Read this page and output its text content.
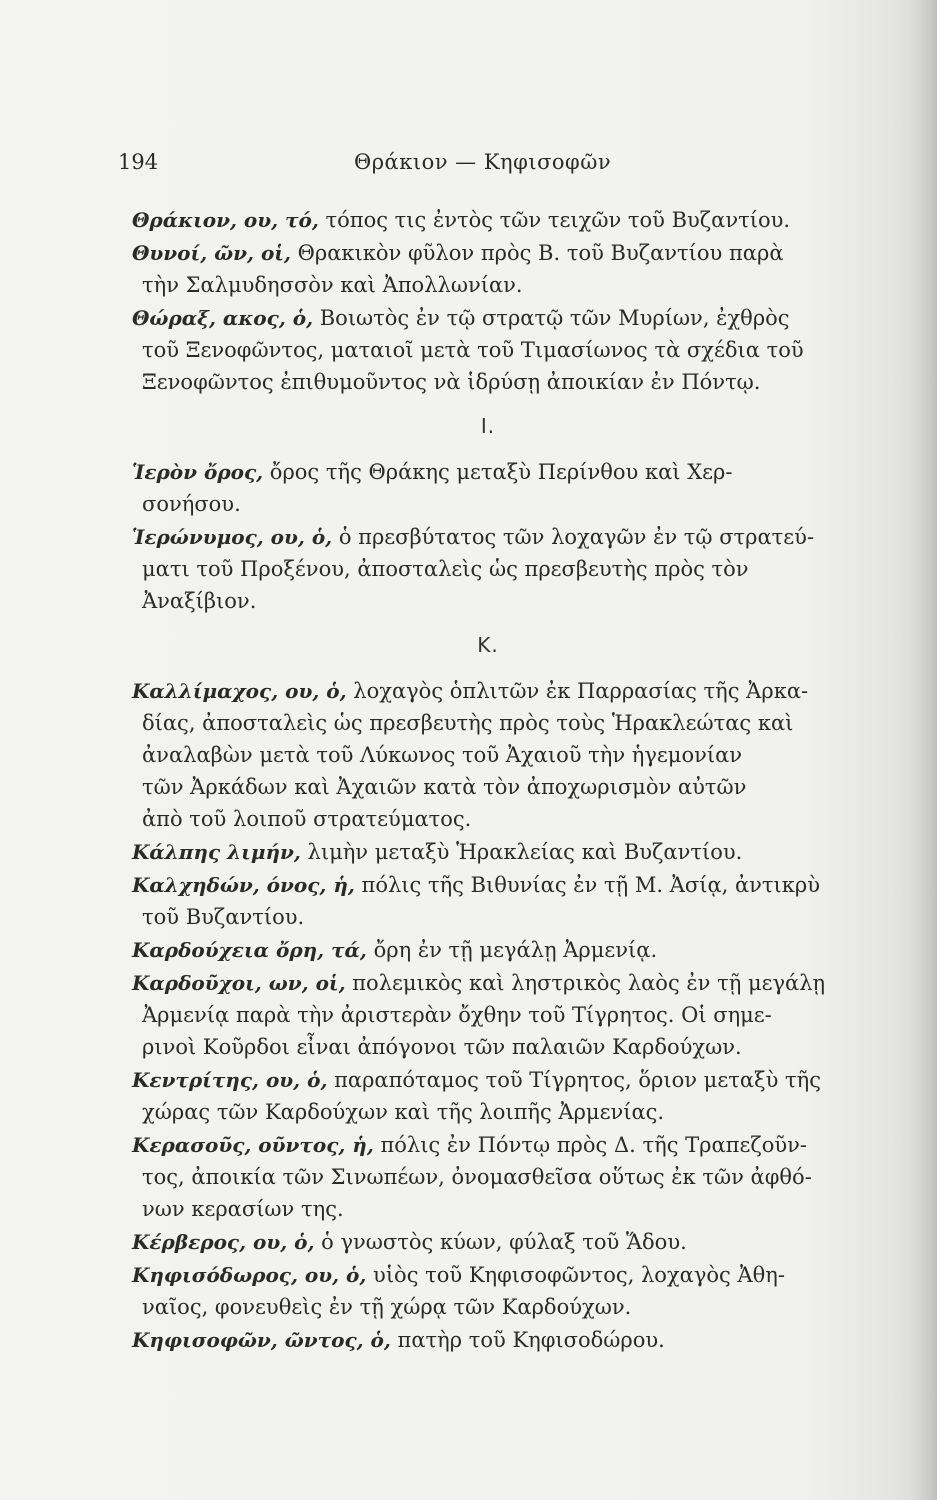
194	Θράκιον — Κηφισοφῶν

Θράκιον, ου, τό, τόπος τις ἐντὸς τῶν τειχῶν τοῦ Βυζαντίου.

Θυνοί, ῶν, οἱ, Θρακικὸν φῦλον πρὸς Β. τοῦ Βυζαντίου παρὰ
τὴν Σαλμυδησσὸν καὶ Ἀπολλωνίαν.

Θώραξ, ακος, ὁ, Βοιωτὸς ἐν τῷ στρατῷ τῶν Μυρίων, ἐχθρὸς
τοῦ Ξενοφῶντος, ματαιοῖ μετὰ τοῦ Τιμασίωνος τὰ σχέδια τοῦ
Ξενοφῶντος ἐπιθυμοῦντος νὰ ἱδρύσῃ ἀποικίαν ἐν Πόντῳ.

Ι.

Ἱερὸν ὄρος, ὄρος τῆς Θράκης μεταξὺ Περίνθου καὶ Χερ-
σονήσου.

Ἱερώνυμος, ου, ὁ, ὁ πρεσβύτατος τῶν λοχαγῶν ἐν τῷ στρατεύ-
ματι τοῦ Προξένου, ἀποσταλεὶς ὡς πρεσβευτὴς πρὸς τὸν
Ἀναξίβιον.

Κ.

Καλλίμαχος, ου, ὁ, λοχαγὸς ὁπλιτῶν ἐκ Παρρασίας τῆς Ἀρκα-
δίας, ἀποσταλεὶς ὡς πρεσβευτὴς πρὸς τοὺς Ἡρακλεώτας καὶ
ἀναλαβὼν μετὰ τοῦ Λύκωνος τοῦ Ἀχαιοῦ τὴν ἡγεμονίαν
τῶν Ἀρκάδων καὶ Ἀχαιῶν κατὰ τὸν ἀποχωρισμὸν αὐτῶν
ἀπὸ τοῦ λοιποῦ στρατεύματος.

Κάλπης λιμήν, λιμὴν μεταξὺ Ἡρακλείας καὶ Βυζαντίου.

Καλχηδών, όνος, ἡ, πόλις τῆς Βιθυνίας ἐν τῇ Μ. Ἀσίᾳ, ἀντικρὺ
τοῦ Βυζαντίου.

Καρδούχεια ὄρη, τά, ὄρη ἐν τῇ μεγάλῃ Ἀρμενίᾳ.

Καρδοῦχοι, ων, οἱ, πολεμικὸς καὶ ληστρικὸς λαὸς ἐν τῇ μεγάλῃ
Ἀρμενίᾳ παρὰ τὴν ἀριστερὰν ὄχθην τοῦ Τίγρητος. Οἱ σημε-
ρινοὶ Κοῦρδοι εἶναι ἀπόγονοι τῶν παλαιῶν Καρδούχων.

Κεντρίτης, ου, ὁ, παραπόταμος τοῦ Τίγρητος, ὅριον μεταξὺ τῆς
χώρας τῶν Καρδούχων καὶ τῆς λοιπῆς Ἀρμενίας.

Κερασοῦς, οῦντος, ἡ, πόλις ἐν Πόντῳ πρὸς Δ. τῆς Τραπεζοῦν-
τος, ἀποικία τῶν Σινωπέων, ὀνομασθεῖσα οὕτως ἐκ τῶν ἀφθό-
νων κερασίων της.

Κέρβερος, ου, ὁ, ὁ γνωστὸς κύων, φύλαξ τοῦ Ἅδου.

Κηφισόδωρος, ου, ὁ, υἱὸς τοῦ Κηφισοφῶντος, λοχαγὸς Ἀθη-
ναῖος, φονευθεὶς ἐν τῇ χώρᾳ τῶν Καρδούχων.

Κηφισοφῶν, ῶντος, ὁ, πατὴρ τοῦ Κηφισοδώρου.
